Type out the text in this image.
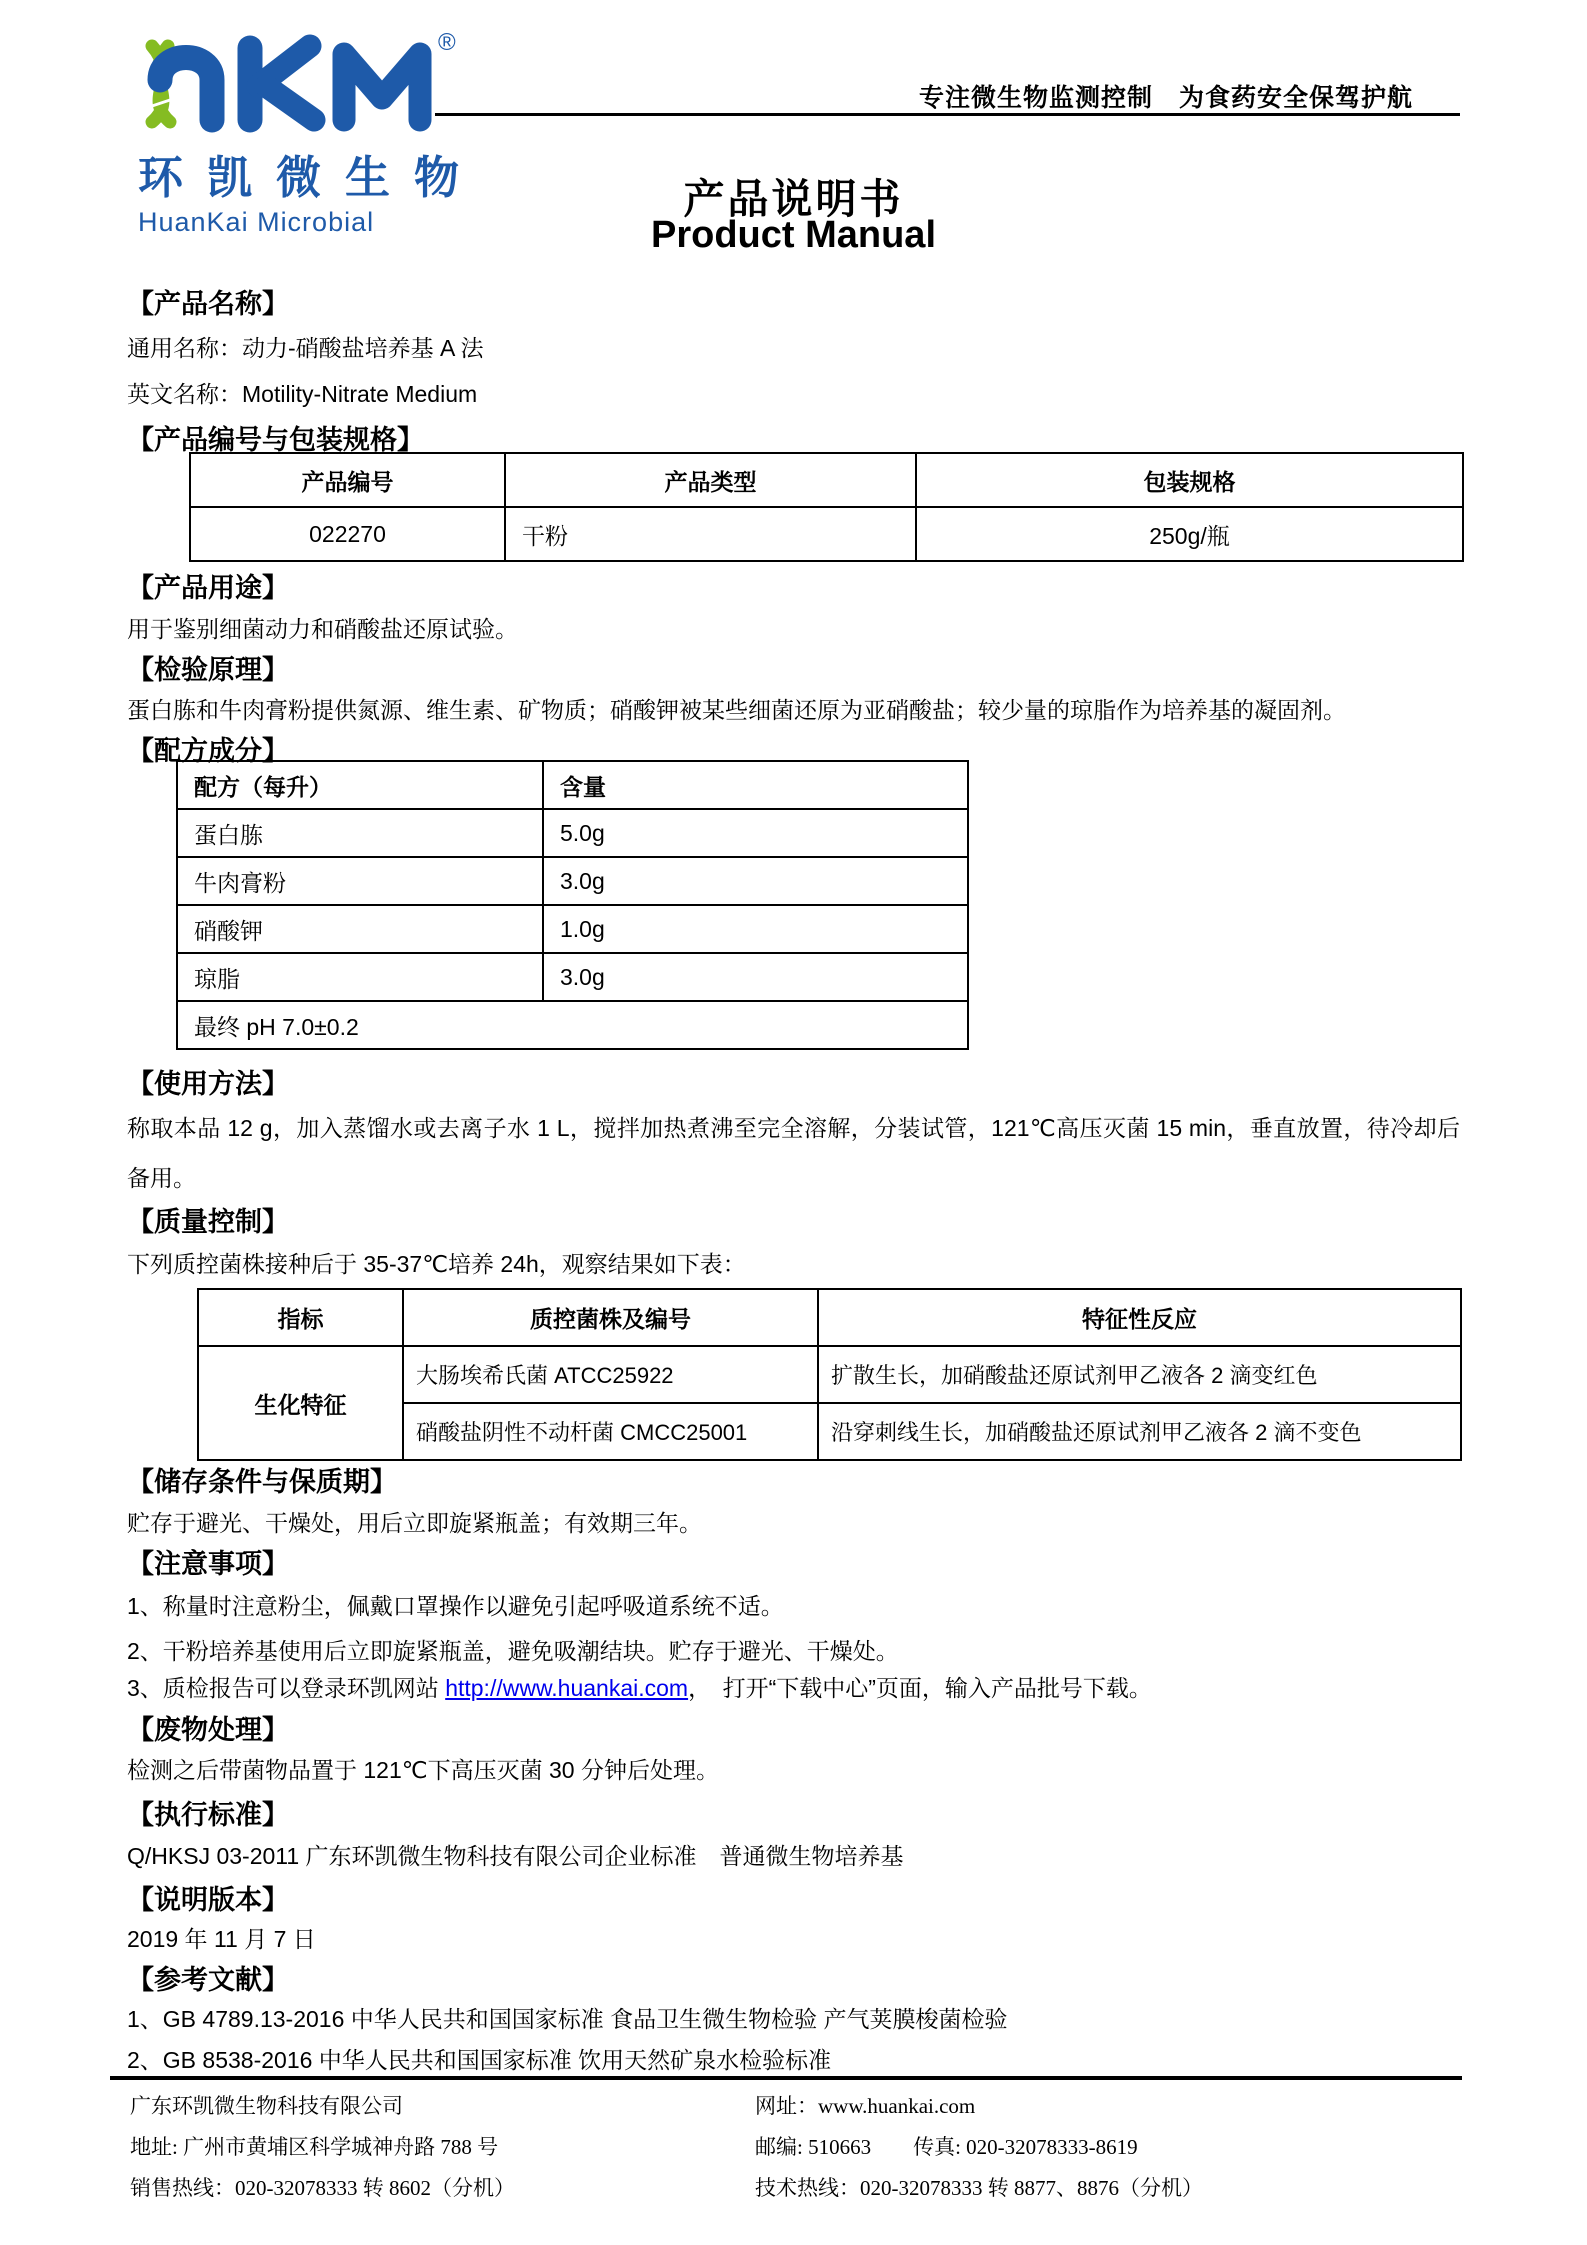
®
环凯微生物
HuanKai Microbial
专注微生物监测控制　为食药安全保驾护航
产品说明书
Product Manual
【产品名称】
通用名称：动力-硝酸盐培养基 A 法
英文名称：Motility-Nitrate Medium
【产品编号与包装规格】
产品编号	产品类型	包装规格
022270	干粉	250g/瓶
【产品用途】
用于鉴别细菌动力和硝酸盐还原试验。
【检验原理】
蛋白胨和牛肉膏粉提供氮源、维生素、矿物质；硝酸钾被某些细菌还原为亚硝酸盐；较少量的琼脂作为培养基的凝固剂。
【配方成分】
配方（每升）	含量
蛋白胨	5.0g
牛肉膏粉	3.0g
硝酸钾	1.0g
琼脂	3.0g
最终 pH 7.0±0.2	
【使用方法】
称取本品 12 g，加入蒸馏水或去离子水 1 L，搅拌加热煮沸至完全溶解，分装试管，121℃高压灭菌 15 min，垂直放置，待冷却后备用。
【质量控制】
下列质控菌株接种后于 35-37℃培养 24h，观察结果如下表：
指标	质控菌株及编号	特征性反应
生化特征	大肠埃希氏菌 ATCC25922	扩散生长，加硝酸盐还原试剂甲乙液各 2 滴变红色
	硝酸盐阴性不动杆菌 CMCC25001	沿穿刺线生长，加硝酸盐还原试剂甲乙液各 2 滴不变色
【储存条件与保质期】
贮存于避光、干燥处，用后立即旋紧瓶盖；有效期三年。
【注意事项】
1、称量时注意粉尘，佩戴口罩操作以避免引起呼吸道系统不适。
2、干粉培养基使用后立即旋紧瓶盖，避免吸潮结块。贮存于避光、干燥处。
3、质检报告可以登录环凯网站 http://www.huankai.com，　打开“下载中心”页面，输入产品批号下载。
【废物处理】
检测之后带菌物品置于 121℃下高压灭菌 30 分钟后处理。
【执行标准】
Q/HKSJ 03-2011 广东环凯微生物科技有限公司企业标准　普通微生物培养基
【说明版本】
2019 年 11 月 7 日
【参考文献】
1、GB 4789.13-2016 中华人民共和国国家标准 食品卫生微生物检验 产气荚膜梭菌检验
2、GB 8538-2016 中华人民共和国国家标准 饮用天然矿泉水检验标准
广东环凯微生物科技有限公司
地址: 广州市黄埔区科学城神舟路 788 号
销售热线：020-32078333 转 8602（分机）
网址：www.huankai.com
邮编: 510663　　传真: 020-32078333-8619
技术热线：020-32078333 转 8877、8876（分机）
